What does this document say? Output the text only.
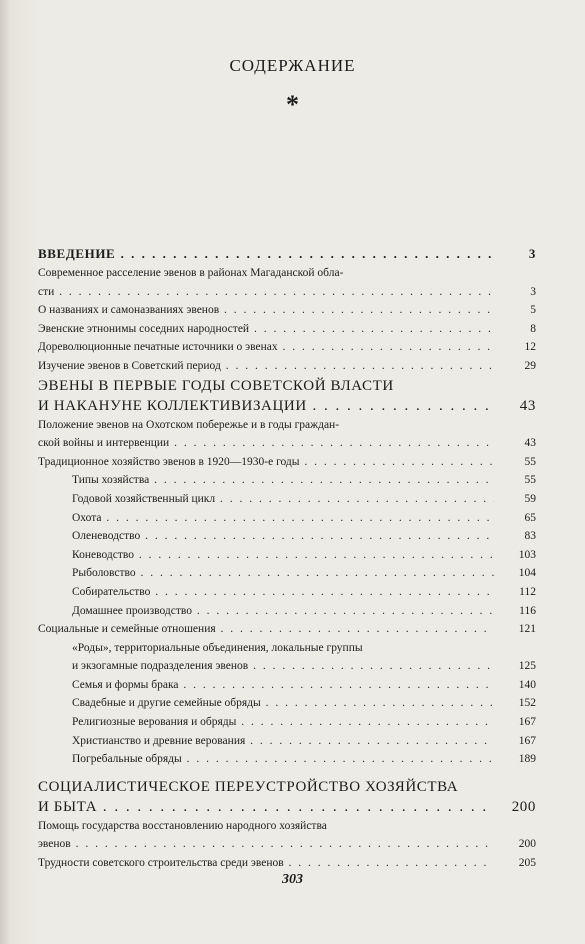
СОДЕРЖАНИЕ
*
ВВЕДЕНИЕ . . .	3
Современное расселение эвенов в районах Магаданской обла-
сти . . .	3
О названиях и самоназваниях эвенов . . .	5
Эвенские этнонимы соседних народностей . . .	8
Дореволюционные печатные источники о эвенах . . .	12
Изучение эвенов в Советский период . . .	29
ЭВЕНЫ В ПЕРВЫЕ ГОДЫ СОВЕТСКОЙ ВЛАСТИ
И НАКАНУНЕ КОЛЛЕКТИВИЗАЦИИ . . .	43
Положение эвенов на Охотском побережье и в годы граждан-
ской войны и интервенции . . .	43
Традиционное хозяйство эвенов в 1920—1930-е годы . . .	55
Типы хозяйства . . .	55
Годовой хозяйственный цикл . . .	59
Охота . . .	65
Оленеводство . . .	83
Коневодство . . .	103
Рыболовство . . .	104
Собирательство . . .	112
Домашнее производство . . .	116
Социальные и семейные отношения . . .	121
«Роды», территориальные объединения, локальные группы
и экзогамные подразделения эвенов . . .	125
Семья и формы брака . . .	140
Свадебные и другие семейные обряды . . .	152
Религиозные верования и обряды . . .	167
Христианство и древние верования . . .	167
Погребальные обряды . . .	189
СОЦИАЛИСТИЧЕСКОЕ ПЕРЕУСТРОЙСТВО ХОЗЯЙСТВА
И БЫТА . . .	200
Помощь государства восстановлению народного хозяйства
эвенов . . .	200
Трудности советского строительства среди эвенов . . .	205
303
